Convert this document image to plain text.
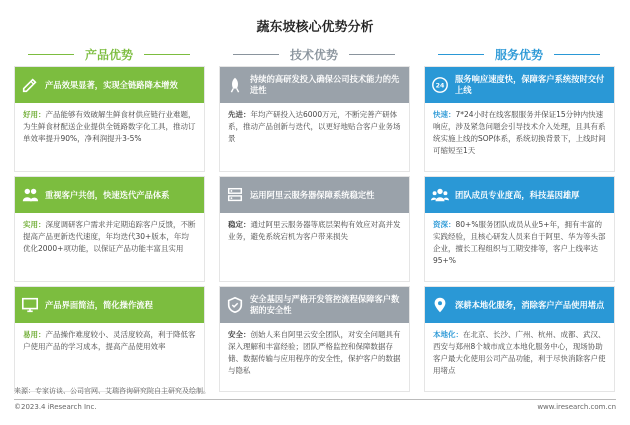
蔬东坡核心优势分析
产品优势	技术优势	服务优势
产品效果显著，实现全链路降本增效
好用：产品能够有效破解生鲜食材供应链行业难题，为生鲜食材配送企业提供全链路数字化工具，推动订单效率提升90%，净利润提升3-5%
重视客户共创，快速迭代产品体系
实用：深度调研客户需求并定期追踪客户反馈，不断提高产品更新迭代速度，年均迭代30+版本，年均优化2000+项功能，以保证产品功能丰富且实用
产品界面简洁，简化操作流程
易用：产品操作难度较小、灵活度较高，利于降低客户使用产品的学习成本，提高产品使用效率
持续的高研发投入确保公司技术能力的先进性
先进：年均产研投入达6000万元，不断完善产研体系，推动产品创新与迭代，以更好地贴合客户业务场景
运用阿里云服务器保障系统稳定性
稳定：通过阿里云服务器等底层架构有效应对高并发业务，避免系统宕机为客户带来损失
安全基因与严格开发管控流程保障客户数据的安全性
安全：创始人来自阿里云安全团队，对安全问题具有深入理解和丰富经验；团队严格监控和保障数据存储、数据传输与应用程序的安全性，保护客户的数据与隐私
24
服务响应速度快，保障客户系统按时交付上线
快速：7*24小时在线客服服务并保证15分钟内快速响应，涉及紧急问题会引导技术介入处理，且具有系统实施上线的SOP体系，系统切换背景下，上线时间可缩短至1天
团队成员专业度高，科技基因雄厚
资深：80+%服务团队成员从业5+年，拥有丰富的实践经验，且核心研发人员来自于阿里、华为等头部企业，擅长工程组织与工期安排等，客户上线率达95+%
深耕本地化服务，消除客户产品使用堵点
本地化：在北京、长沙、广州、杭州、成都、武汉、西安与郑州8个城市成立本地化服务中心，现场协助客户最大化使用公司产品功能，利于尽快消除客户使用堵点
来源：专家访谈、公司官网、艾瑞咨询研究院自主研究及绘制。
©2023.4 iResearch Inc.	www.iresearch.com.cn
